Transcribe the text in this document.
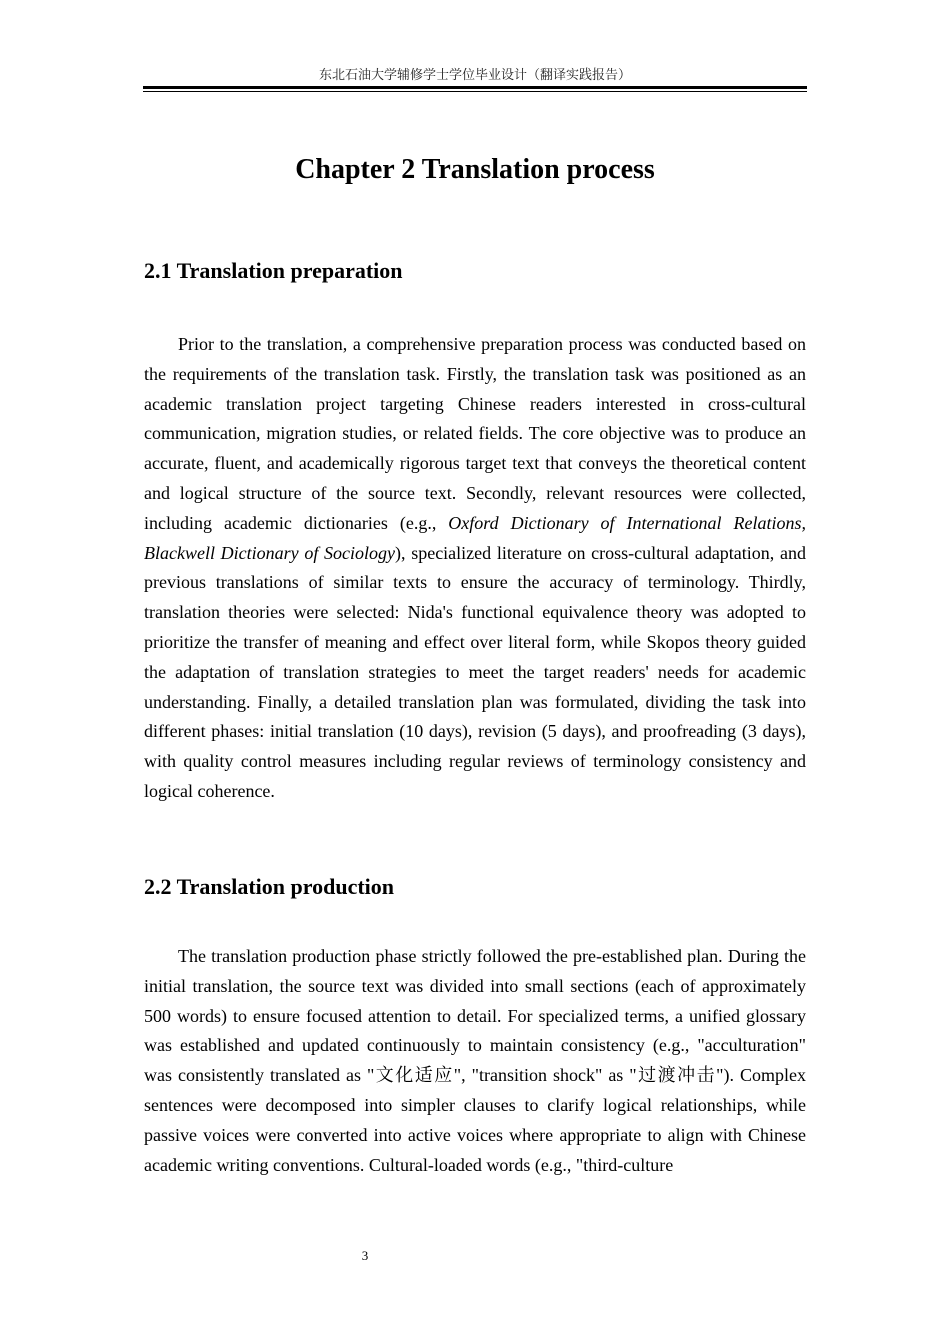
东北石油大学辅修学士学位毕业设计（翻译实践报告）
Chapter 2 Translation process
2.1 Translation preparation

Prior to the translation, a comprehensive preparation process was conducted based on the requirements of the translation task. Firstly, the translation task was positioned as an academic translation project targeting Chinese readers interested in cross-cultural communication, migration studies, or related fields. The core objective was to produce an accurate, fluent, and academically rigorous target text that conveys the theoretical content and logical structure of the source text. Secondly, relevant resources were collected, including academic dictionaries (e.g., Oxford Dictionary of International Relations, Blackwell Dictionary of Sociology), specialized literature on cross-cultural adaptation, and previous translations of similar texts to ensure the accuracy of terminology. Thirdly, translation theories were selected: Nida's functional equivalence theory was adopted to prioritize the transfer of meaning and effect over literal form, while Skopos theory guided the adaptation of translation strategies to meet the target readers' needs for academic understanding. Finally, a detailed translation plan was formulated, dividing the task into different phases: initial translation (10 days), revision (5 days), and proofreading (3 days), with quality control measures including regular reviews of terminology consistency and logical coherence.

2.2 Translation production

The translation production phase strictly followed the pre-established plan. During the initial translation, the source text was divided into small sections (each of approximately 500 words) to ensure focused attention to detail. For specialized terms, a unified glossary was established and updated continuously to maintain consistency (e.g., "acculturation" was consistently translated as "文化适应", "transition shock" as "过渡冲击"). Complex sentences were decomposed into simpler clauses to clarify logical relationships, while passive voices were converted into active voices where appropriate to align with Chinese academic writing conventions. Cultural-loaded words (e.g., "third-culture

3
